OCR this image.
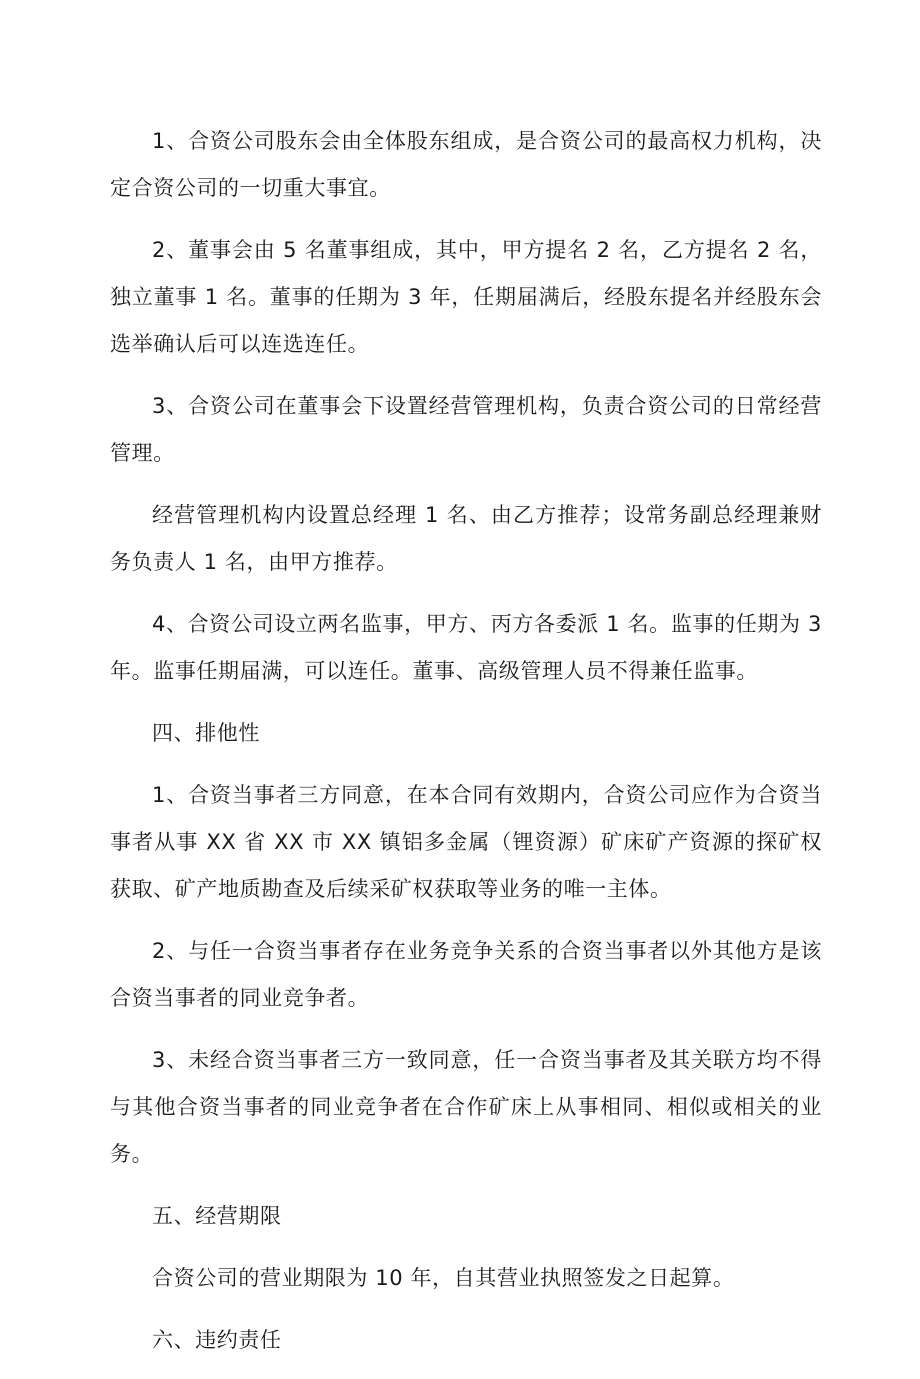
1、合资公司股东会由全体股东组成，是合资公司的最高权力机构，决定合资公司的一切重大事宜。

2、董事会由 5 名董事组成，其中，甲方提名 2 名，乙方提名 2 名，独立董事 1 名。董事的任期为 3 年，任期届满后，经股东提名并经股东会选举确认后可以连选连任。

3、合资公司在董事会下设置经营管理机构，负责合资公司的日常经营管理。

经营管理机构内设置总经理 1 名、由乙方推荐；设常务副总经理兼财务负责人 1 名，由甲方推荐。

4、合资公司设立两名监事，甲方、丙方各委派 1 名。监事的任期为 3 年。监事任期届满，可以连任。董事、高级管理人员不得兼任监事。

四、排他性

1、合资当事者三方同意，在本合同有效期内，合资公司应作为合资当事者从事 XX 省 XX 市 XX 镇铝多金属（锂资源）矿床矿产资源的探矿权获取、矿产地质勘查及后续采矿权获取等业务的唯一主体。

2、与任一合资当事者存在业务竞争关系的合资当事者以外其他方是该合资当事者的同业竞争者。

3、未经合资当事者三方一致同意，任一合资当事者及其关联方均不得与其他合资当事者的同业竞争者在合作矿床上从事相同、相似或相关的业务。

五、经营期限

合资公司的营业期限为 10 年，自其营业执照签发之日起算。

六、违约责任
